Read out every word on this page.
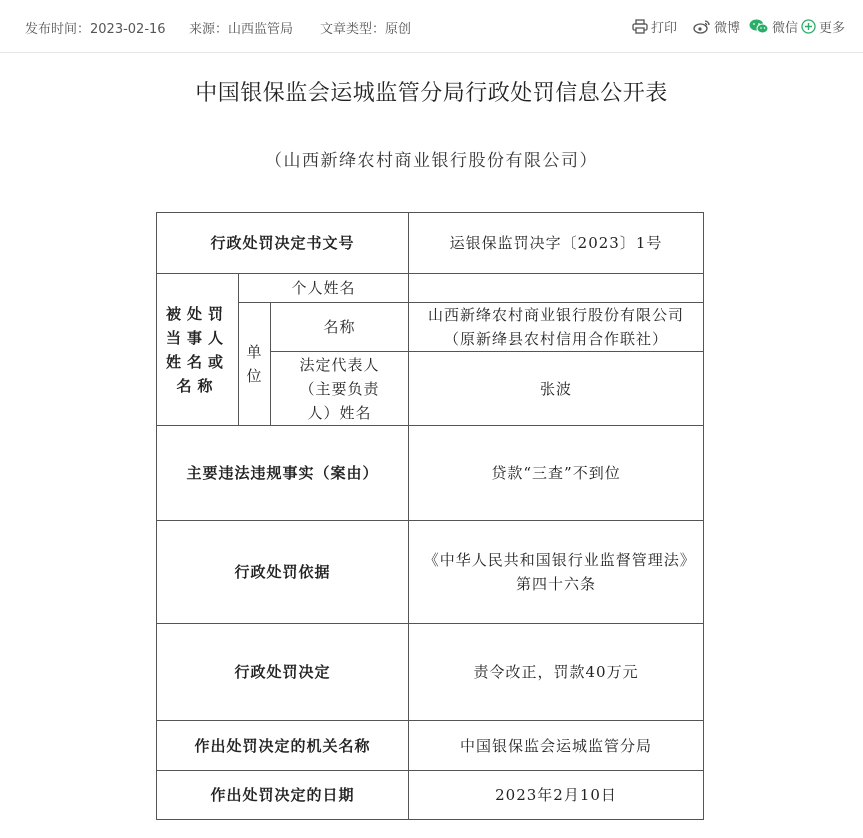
发布时间：2023-02-16 来源：山西监管局 文章类型：原创	打印	微博 微信 更多
中国银保监会运城监管分局行政处罚信息公开表
（山西新绛农村商业银行股份有限公司）
行政处罚决定书文号			运银保监罚决字〔2023〕1号
被处罚当事人姓名或名称	个人姓名		
	单位	名称	山西新绛农村商业银行股份有限公司（原新绛县农村信用合作联社）
		法定代表人（主要负责人）姓名	张波
主要违法违规事实（案由）			贷款“三查”不到位
行政处罚依据			《中华人民共和国银行业监督管理法》第四十六条
行政处罚决定			责令改正，罚款40万元
作出处罚决定的机关名称			中国银保监会运城监管分局
作出处罚决定的日期			2023年2月10日
